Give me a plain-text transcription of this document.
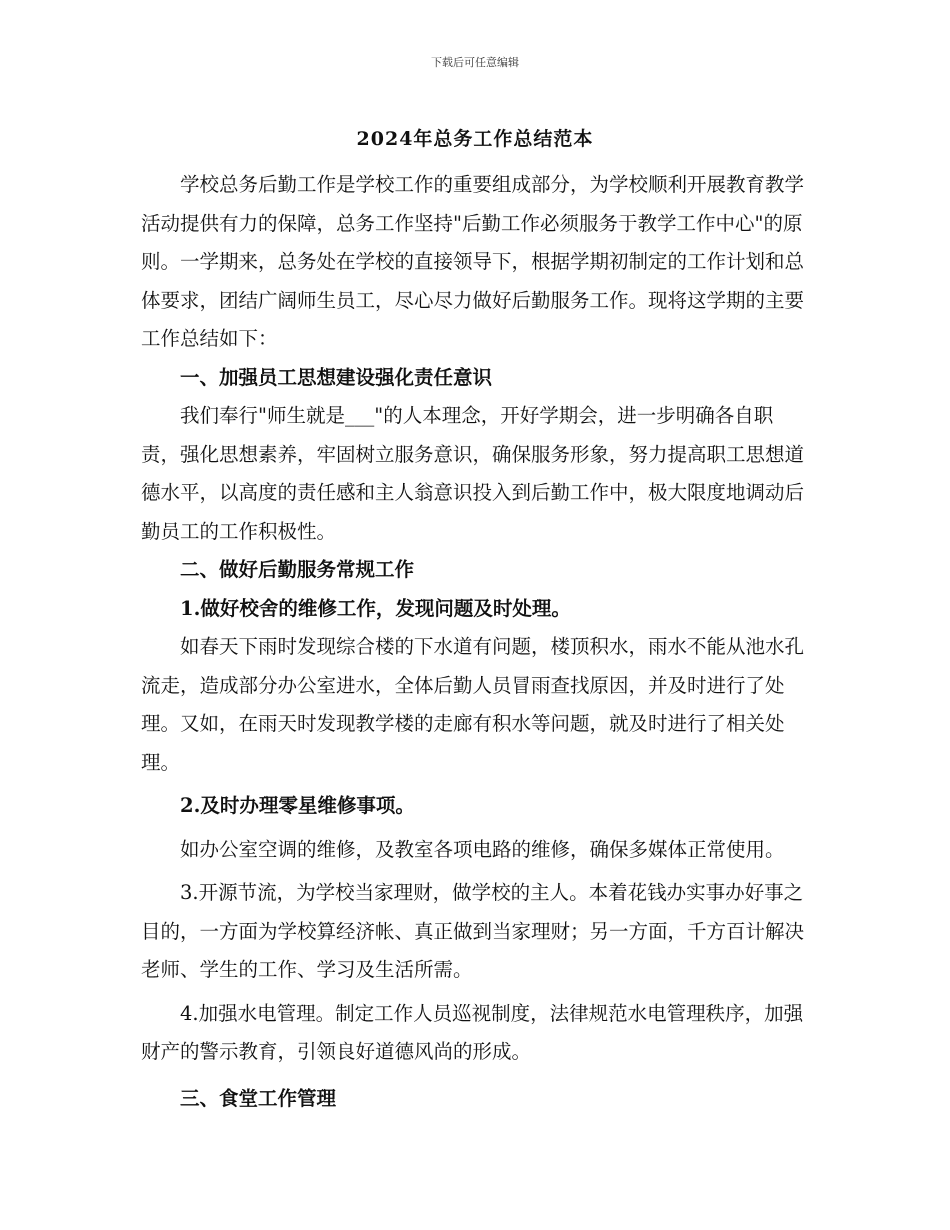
下载后可任意编辑
2024年总务工作总结范本

学校总务后勤工作是学校工作的重要组成部分，为学校顺利开展教育教学活动提供有力的保障，总务工作坚持"后勤工作必须服务于教学工作中心"的原则。一学期来，总务处在学校的直接领导下，根据学期初制定的工作计划和总体要求，团结广阔师生员工，尽心尽力做好后勤服务工作。现将这学期的主要工作总结如下：

一、加强员工思想建设强化责任意识

我们奉行"师生就是___"的人本理念，开好学期会，进一步明确各自职责，强化思想素养，牢固树立服务意识，确保服务形象，努力提高职工思想道德水平，以高度的责任感和主人翁意识投入到后勤工作中，极大限度地调动后勤员工的工作积极性。

二、做好后勤服务常规工作

1.做好校舍的维修工作，发现问题及时处理。

如春天下雨时发现综合楼的下水道有问题，楼顶积水，雨水不能从池水孔流走，造成部分办公室进水，全体后勤人员冒雨查找原因，并及时进行了处理。又如，在雨天时发现教学楼的走廊有积水等问题，就及时进行了相关处理。

2.及时办理零星维修事项。

如办公室空调的维修，及教室各项电路的维修，确保多媒体正常使用。

3.开源节流，为学校当家理财，做学校的主人。本着花钱办实事办好事之目的，一方面为学校算经济帐、真正做到当家理财；另一方面，千方百计解决老师、学生的工作、学习及生活所需。

4.加强水电管理。制定工作人员巡视制度，法律规范水电管理秩序，加强财产的警示教育，引领良好道德风尚的形成。

三、食堂工作管理
